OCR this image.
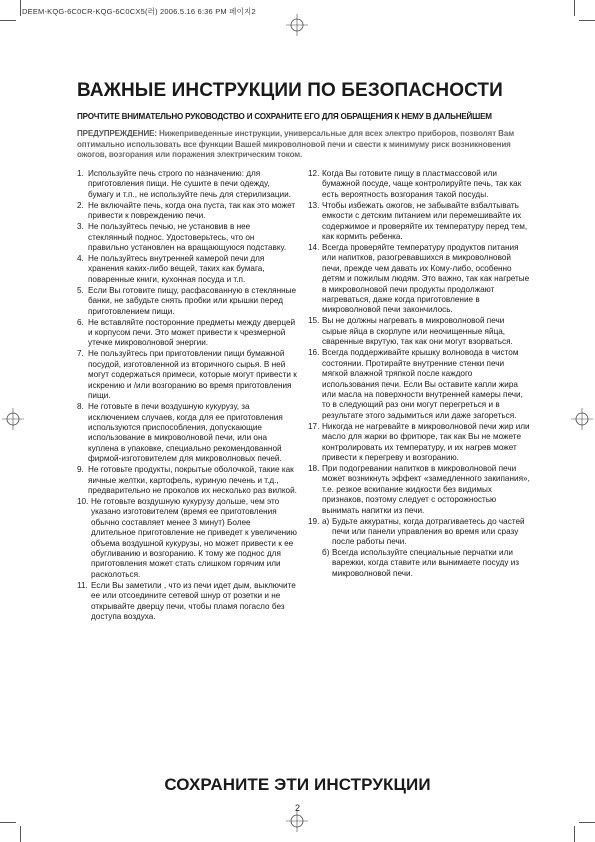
DEEM-KQG-6C0CR-KQG-6C0CX5(러) 2006.5.16 6:36 PM 페이지2
ВАЖНЫЕ ИНСТРУКЦИИ ПО БЕЗОПАСНОСТИ
ПРОЧТИТЕ ВНИМАТЕЛЬНО РУКОВОДСТВО И СОХРАНИТЕ ЕГО ДЛЯ ОБРАЩЕНИЯ К НЕМУ В ДАЛЬНЕЙШЕМ
ПРЕДУПРЕЖДЕНИЕ: Нижеприведенные инструкции, универсальные для всех электро приборов, позволят Вам оптимально использовать все функции Вашей микроволновой печи и свести к минимуму риск возникновения ожогов, возгорания или поражения электрическим током.
1. Используйте печь строго по назначению: для приготовления пищи. Не сушите в печи одежду, бумагу и т.п., не используйте печь для стерилизации.
2. Не включайте печь, когда она пуста, так как это может привести к повреждению печи.
3. Не пользуйтесь печью, не установив в нее стеклянный поднос. Удостоверьтесь, что он правильно установлен на вращающуюся подставку.
4. Не пользуйтесь внутренней камерой печи для хранения каких-либо вещей, таких как бумага, поваренные книги, кухонная посуда и т.п.
5. Если Вы готовите пищу, расфасованную в стеклянные банки, не забудьте снять пробки или крышки перед приготовлением пищи.
6. Не вставляйте посторонние предметы между дверцей и корпусом печи. Это может привести к чрезмерной утечке микроволновой энергии.
7. Не пользуйтесь при приготовлении пищи бумажной посудой, изготовленной из вторичного сырья. В ней могут содержаться примеси, которые могут привести к искрению и /или возгоранию во время приготовления пищи.
8. Не готовьте в печи воздушную кукурузу, за исключением случаев, когда для ее приготовления используются приспособления, допускающие использование в микроволновой печи, или она куплена в упаковке, специально рекомендованной фирмой-изготовителем для микроволновых печей.
9. Не готовьте продукты, покрытые оболочкой, такие как яичные желтки, картофель, куриную печень и т.д., предварительно не проколов их несколько раз вилкой.
10. Не готовьте воздушную кукурузу дольше, чем это указано изготовителем (время ее приготовления обычно составляет менее 3 минут) Более длительное приготовление не приведет к увеличению объема воздушной кукурузы, но может привести к ее обугливанию и возгоранию. К тому же поднос для приготовления может стать слишком горячим или расколоться.
11. Если Вы заметили , что из печи идет дым, выключите ее или отсоедините сетевой шнур от розетки и не открывайте дверцу печи, чтобы пламя погасло без доступа воздуха.
12. Когда Вы готовите пищу в пластмассовой или бумажной посуде, чаще контролируйте печь, так как есть вероятность возгорания такой посуды.
13. Чтобы избежать ожогов, не забывайте взбалтывать емкости с детским питанием или перемешивайте их содержимое и проверяйте их температуру перед тем, как кормить ребенка.
14. Всегда проверяйте температуру продуктов питания или напитков, разогревавшихся в микроволновой печи, прежде чем давать их Кому-либо, особенно детям и пожилым людям. Это важно, так как нагретые в микроволновой печи продукты продолжают нагреваться, даже когда приготовление в микроволновой печи закончилось.
15. Вы не должны нагревать в микроволновой печи сырые яйца в скорлупе или неочищенные яйца, сваренные вкрутую, так как они могут взорваться.
16. Всегда поддерживайте крышку волновода в чистом состоянии. Протирайте внутренние стенки печи мягкой влажной тряпкой после каждого использования печи. Если Вы оставите капли жира или масла на поверхности внутренней камеры печи, то в следующий раз они могут перегреться и в результате этого задымиться или даже загореться.
17. Никогда не нагревайте в микроволновой печи жир или масло для жарки во фритюре, так как Вы не можете контролировать их температуру, и их нагрев может привести к перегреву и возгоранию.
18. При подогревании напитков в микроволновой печи может возникнуть эффект «замедленного закипания», т.е. резкое вскипание жидкости без видимых признаков, поэтому следует с осторожностью вынимать напитки из печи.
19. а) Будьте аккуратны, когда дотрагиваетесь до частей печи или панели управления во время или сразу после работы печи.
б) Всегда используйте специальные перчатки или варежки, когда ставите или вынимаете посуду из микроволновой печи.
СОХРАНИТЕ ЭТИ ИНСТРУКЦИИ
2
